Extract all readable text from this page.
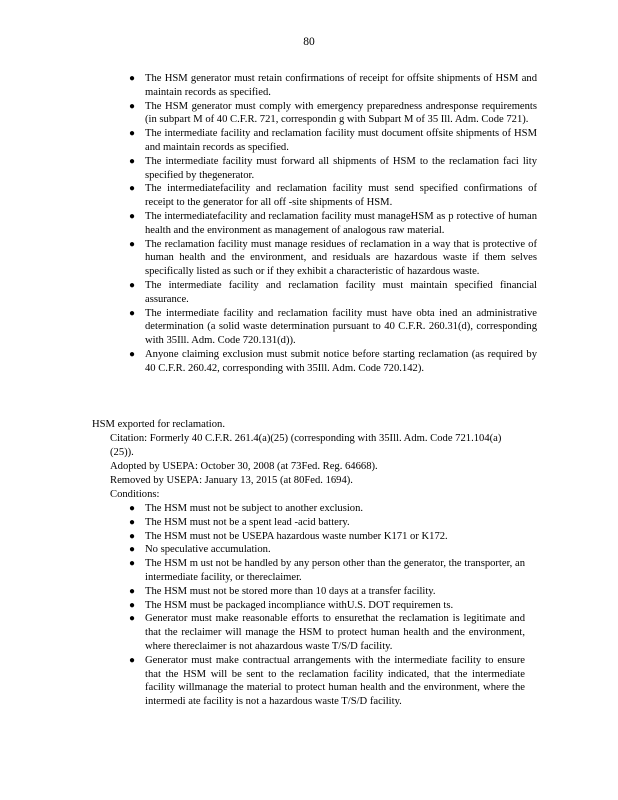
80
● The HSM generator must retain confirmations of receipt for offsite shipments of HSM and maintain records as specified.
● The HSM generator must comply with emergency preparedness andresponse requirements (in subpart M of 40 C.F.R. 721, correspondin g with Subpart M of 35 Ill. Adm. Code 721).
● The intermediate facility and reclamation facility must document offsite shipments of HSM and maintain records as specified.
● The intermediate facility must forward all shipments of HSM to the reclamation faci lity specified by thegenerator.
● The intermediatefacility and reclamation facility must send specified confirmations of receipt to the generator for all off -site shipments of HSM.
● The intermediatefacility and reclamation facility must manageHSM as p rotective of human health and the environment as management of analogous raw material.
● The reclamation facility must manage residues of reclamation in a way that is protective of human health and the environment, and residuals are hazardous waste if them selves specifically listed as such or if they exhibit a characteristic of hazardous waste.
● The intermediate facility and reclamation facility must maintain specified financial assurance.
● The intermediate facility and reclamation facility must have obta ined an administrative determination (a solid waste determination pursuant to 40 C.F.R. 260.31(d), corresponding with 35Ill. Adm. Code 720.131(d)).
● Anyone claiming exclusion must submit notice before starting reclamation (as required by 40 C.F.R. 260.42, corresponding with 35Ill. Adm. Code 720.142).

HSM exported for reclamation.

Citation: Formerly 40 C.F.R. 261.4(a)(25) (corresponding with 35Ill. Adm. Code 721.104(a)(25)).

Adopted by USEPA: October 30, 2008 (at 73Fed. Reg. 64668).

Removed by USEPA: January 13, 2015 (at 80Fed. 1694).

Conditions:

● The HSM must not be subject to another exclusion.
● The HSM must not be a spent lead -acid battery.
● The HSM must not be USEPA hazardous waste number K171 or K172.
● No speculative accumulation.
● The HSM m ust not be handled by any person other than the generator, the transporter, an intermediate facility, or thereclaimer.
● The HSM must not be stored more than 10 days at a transfer facility.
● The HSM must be packaged incompliance withU.S. DOT requiremen ts.
● Generator must make reasonable efforts to ensurethat the reclamation is legitimate and that the reclaimer will manage the HSM to protect human health and the environment, where thereclaimer is not ahazardous waste T/S/D facility.
● Generator must make contractual arrangements with the intermediate facility to ensure that the HSM will be sent to the reclamation facility indicated, that the intermediate facility willmanage the material to protect human health and the environment, where the intermedi ate facility is not a hazardous waste T/S/D facility.
